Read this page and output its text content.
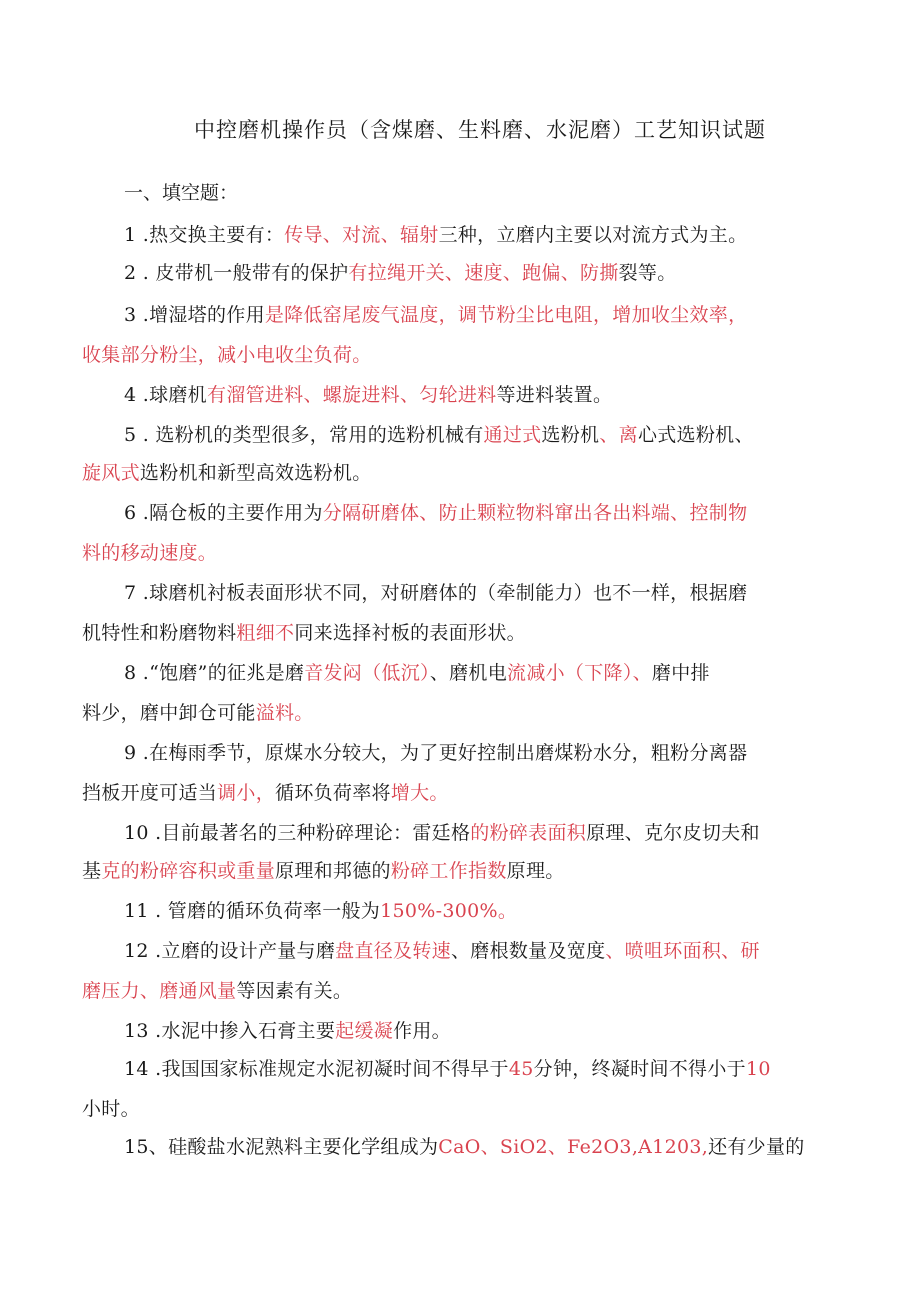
中控磨机操作员（含煤磨、生料磨、水泥磨）工艺知识试题
一、填空题：
1 .热交换主要有：传导、对流、辐射三种，立磨内主要以对流方式为主。
2 . 皮带机一般带有的保护有拉绳开关、速度、跑偏、防撕裂等。
3 .增湿塔的作用是降低窑尾废气温度，调节粉尘比电阻，增加收尘效率，
收集部分粉尘，减小电收尘负荷。
4 .球磨机有溜管进料、螺旋进料、匀轮进料等进料装置。
5 . 选粉机的类型很多，常用的选粉机械有通过式选粉机、离心式选粉机、
旋风式选粉机和新型高效选粉机。
6 .隔仓板的主要作用为分隔研磨体、防止颗粒物料窜出各出料端、控制物
料的移动速度。
7 .球磨机衬板表面形状不同，对研磨体的（牵制能力）也不一样，根据磨
机特性和粉磨物料粗细不同来选择衬板的表面形状。
8 .“饱磨”的征兆是磨音发闷（低沉）、磨机电流减小（下降）、磨中排
料少，磨中卸仓可能溢料。
9 .在梅雨季节，原煤水分较大，为了更好控制出磨煤粉水分，粗粉分离器
挡板开度可适当调小，循环负荷率将增大。
10 .目前最著名的三种粉碎理论：雷廷格的粉碎表面积原理、克尔皮切夫和
基克的粉碎容积或重量原理和邦德的粉碎工作指数原理。
11 . 管磨的循环负荷率一般为150%-300%。
12 .立磨的设计产量与磨盘直径及转速、磨根数量及宽度、喷咀环面积、研
磨压力、磨通风量等因素有关。
13 .水泥中掺入石膏主要起缓凝作用。
14 .我国国家标准规定水泥初凝时间不得早于45分钟，终凝时间不得小于10
小时。
15、硅酸盐水泥熟料主要化学组成为CaO、SiO2、Fe2O3,A1203,还有少量的
